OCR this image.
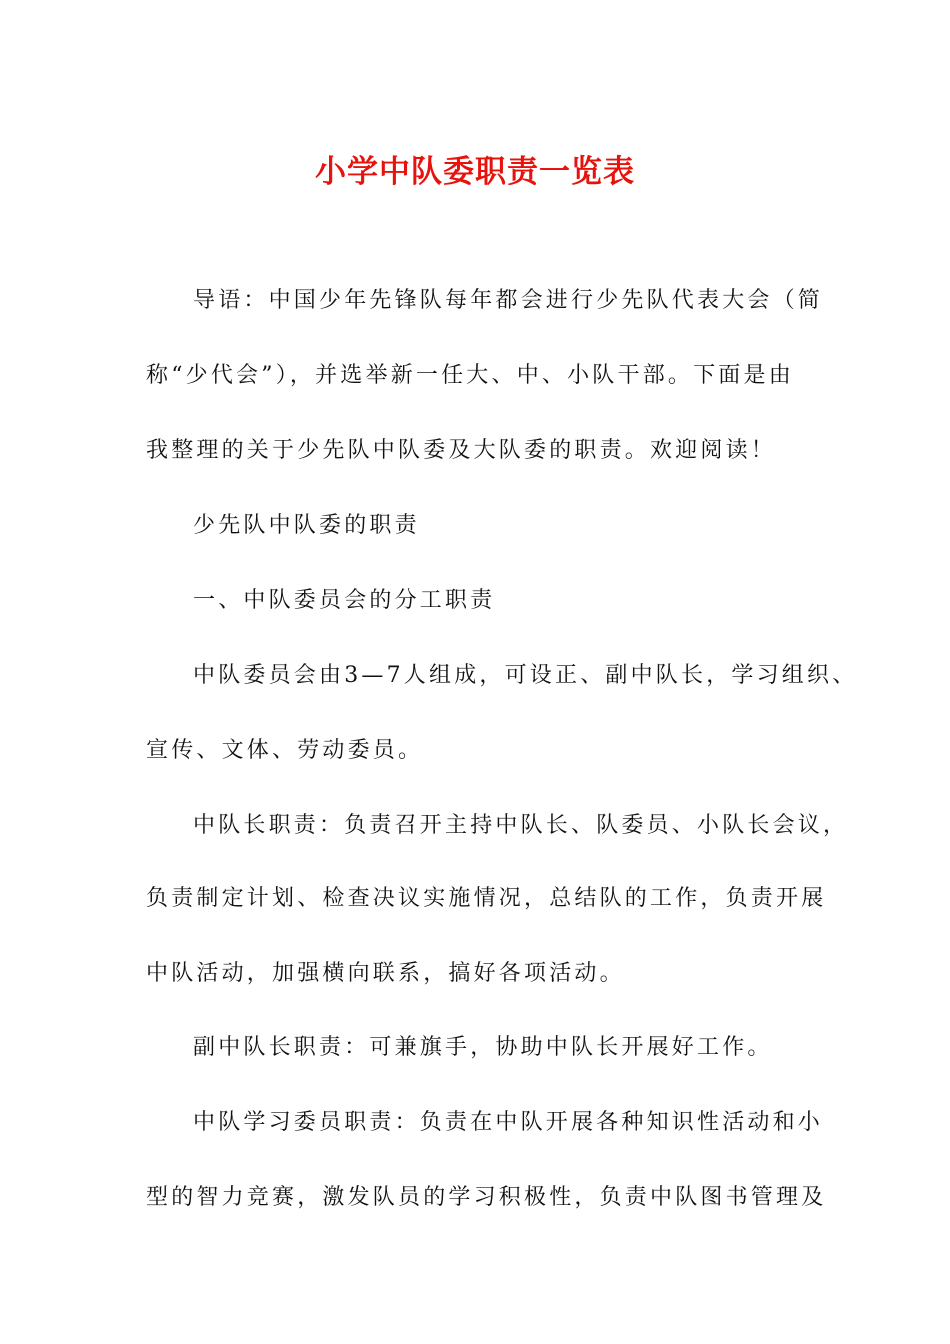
小学中队委职责一览表
导语：中国少年先锋队每年都会进行少先队代表大会（简
称“少代会”），并选举新一任大、中、小队干部。下面是由
我整理的关于少先队中队委及大队委的职责。欢迎阅读！
少先队中队委的职责
一、中队委员会的分工职责
中队委员会由3—7人组成，可设正、副中队长，学习组织、
宣传、文体、劳动委员。
中队长职责：负责召开主持中队长、队委员、小队长会议，
负责制定计划、检查决议实施情况，总结队的工作，负责开展
中队活动，加强横向联系，搞好各项活动。
副中队长职责：可兼旗手，协助中队长开展好工作。
中队学习委员职责：负责在中队开展各种知识性活动和小
型的智力竞赛，激发队员的学习积极性，负责中队图书管理及
